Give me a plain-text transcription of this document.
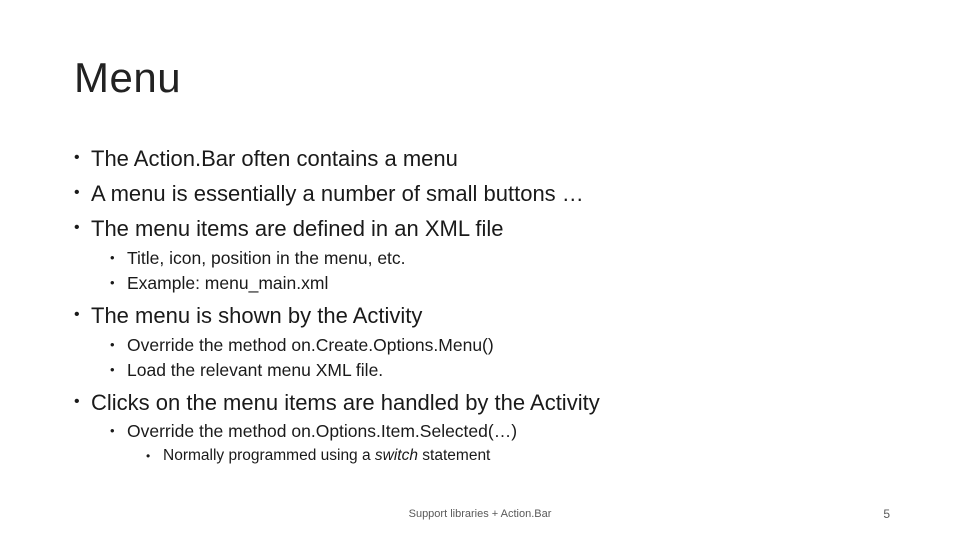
Menu
• The Action.Bar often contains a menu
• A menu is essentially a number of small buttons …
• The menu items are defined in an XML file
• Title, icon, position in the menu, etc.
• Example: menu_main.xml
• The menu is shown by the Activity
• Override the method on.Create.Options.Menu()
• Load the relevant menu XML file.
• Clicks on the menu items are handled by the Activity
• Override the method on.Options.Item.Selected(…)
• Normally programmed using a switch statement
Support libraries + Action.Bar	5
